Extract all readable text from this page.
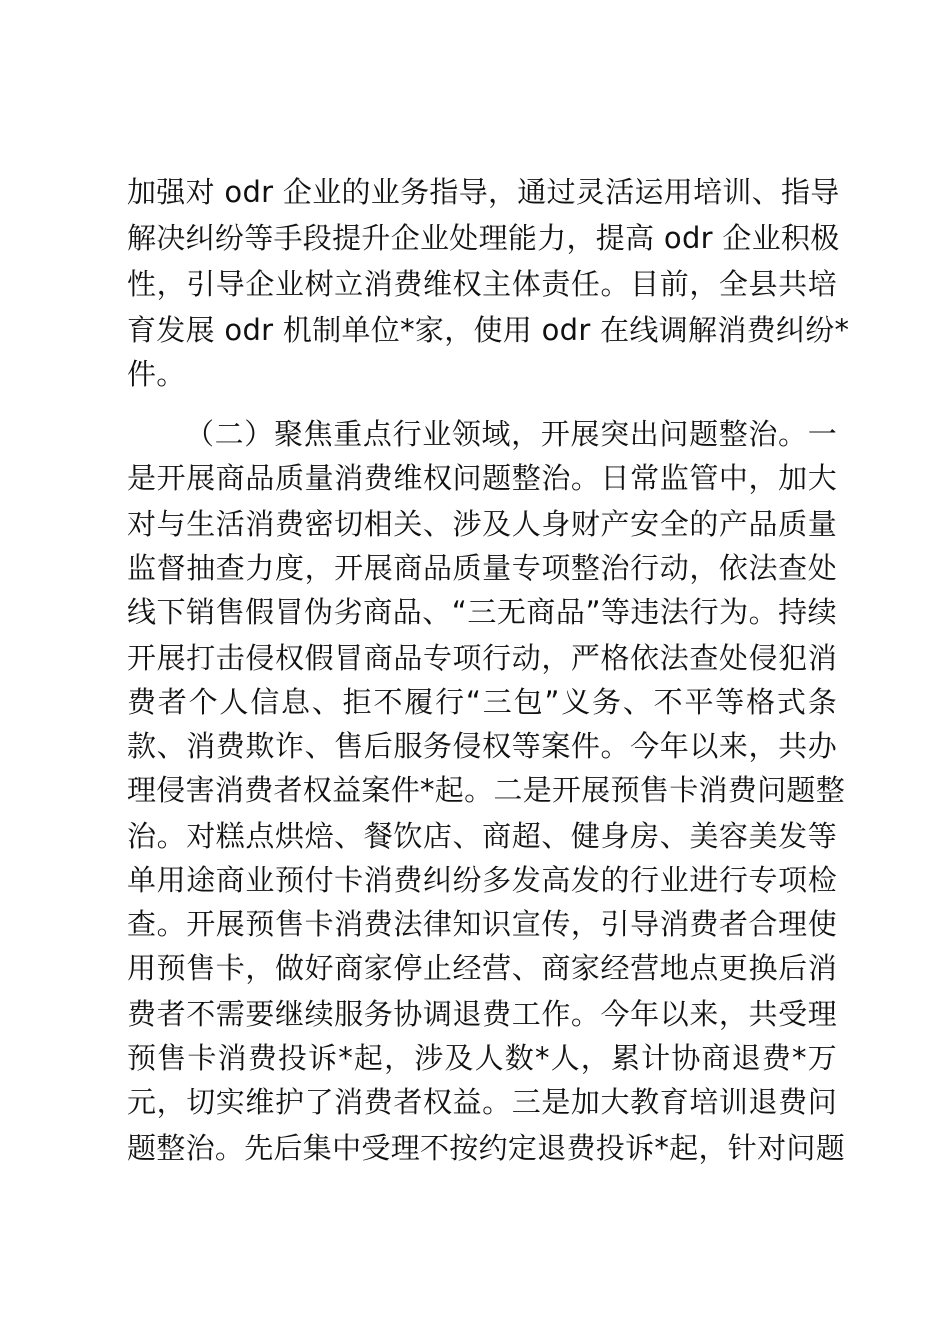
加强对 odr 企业的业务指导，通过灵活运用培训、指导
解决纠纷等手段提升企业处理能力，提高 odr 企业积极
性，引导企业树立消费维权主体责任。目前，全县共培
育发展 odr 机制单位*家，使用 odr 在线调解消费纠纷*
件。
（二）聚焦重点行业领域，开展突出问题整治。一
是开展商品质量消费维权问题整治。日常监管中，加大
对与生活消费密切相关、涉及人身财产安全的产品质量
监督抽查力度，开展商品质量专项整治行动，依法查处
线下销售假冒伪劣商品、“三无商品”等违法行为。持续
开展打击侵权假冒商品专项行动，严格依法查处侵犯消
费者个人信息、拒不履行“三包”义务、不平等格式条
款、消费欺诈、售后服务侵权等案件。今年以来，共办
理侵害消费者权益案件*起。二是开展预售卡消费问题整
治。对糕点烘焙、餐饮店、商超、健身房、美容美发等
单用途商业预付卡消费纠纷多发高发的行业进行专项检
查。开展预售卡消费法律知识宣传，引导消费者合理使
用预售卡，做好商家停止经营、商家经营地点更换后消
费者不需要继续服务协调退费工作。今年以来，共受理
预售卡消费投诉*起，涉及人数*人，累计协商退费*万
元，切实维护了消费者权益。三是加大教育培训退费问
题整治。先后集中受理不按约定退费投诉*起，针对问题
